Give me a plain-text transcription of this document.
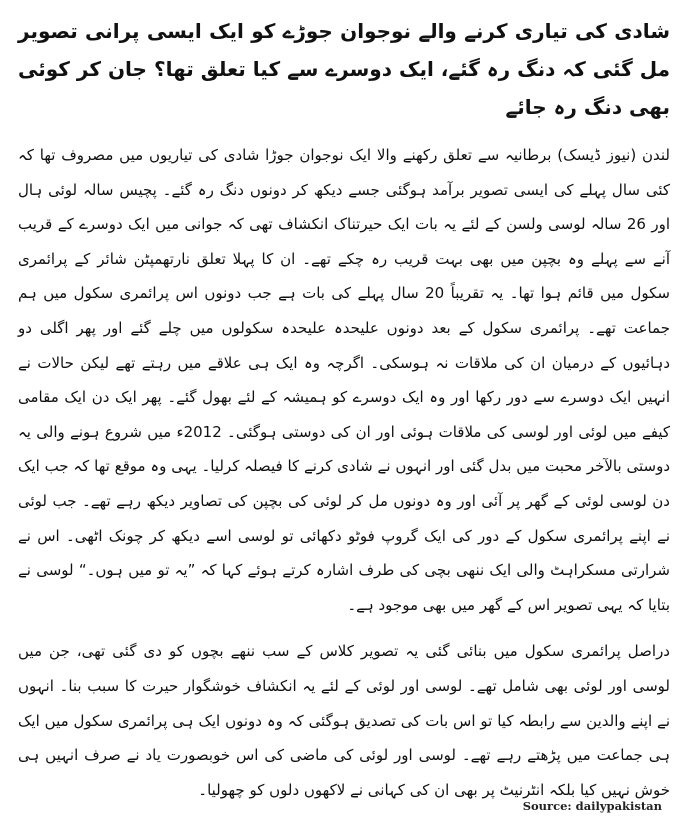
شادی کی تیاری کرنے والے نوجوان جوڑے کو ایک ایسی پرانی تصویر مل گئی کہ دنگ رہ گئے، ایک دوسرے سے کیا تعلق تھا؟ جان کر کوئی بھی دنگ رہ جائے

لندن (نیوز ڈیسک) برطانیہ سے تعلق رکھنے والا ایک نوجوان جوڑا شادی کی تیاریوں میں مصروف تھا کہ کئی سال پہلے کی ایسی تصویر برآمد ہوگئی جسے دیکھ کر دونوں دنگ رہ گئے۔ پچیس سالہ لوئی ہال اور 26 سالہ لوسی ولسن کے لئے یہ بات ایک حیرتناک انکشاف تھی کہ جوانی میں ایک دوسرے کے قریب آنے سے پہلے وہ بچپن میں بھی بہت قریب رہ چکے تھے۔ ان کا پہلا تعلق نارتھمپٹن شائر کے پرائمری سکول میں قائم ہوا تھا۔ یہ تقریباً 20 سال پہلے کی بات ہے جب دونوں اس پرائمری سکول میں ہم جماعت تھے۔ پرائمری سکول کے بعد دونوں علیحدہ علیحدہ سکولوں میں چلے گئے اور پھر اگلی دو دہائیوں کے درمیان ان کی ملاقات نہ ہوسکی۔ اگرچہ وہ ایک ہی علاقے میں رہتے تھے لیکن حالات نے انہیں ایک دوسرے سے دور رکھا اور وہ ایک دوسرے کو ہمیشہ کے لئے بھول گئے۔ پھر ایک دن ایک مقامی کیفے میں لوئی اور لوسی کی ملاقات ہوئی اور ان کی دوستی ہوگئی۔ 2012ء میں شروع ہونے والی یہ دوستی بالآخر محبت میں بدل گئی اور انہوں نے شادی کرنے کا فیصلہ کرلیا۔ یہی وہ موقع تھا کہ جب ایک دن لوسی لوئی کے گھر پر آئی اور وہ دونوں مل کر لوئی کی بچپن کی تصاویر دیکھ رہے تھے۔ جب لوئی نے اپنے پرائمری سکول کے دور کی ایک گروپ فوٹو دکھائی تو لوسی اسے دیکھ کر چونک اٹھی۔ اس نے شرارتی مسکراہٹ والی ایک ننھی بچی کی طرف اشارہ کرتے ہوئے کہا کہ ”یہ تو میں ہوں۔“ لوسی نے بتایا کہ یہی تصویر اس کے گھر میں بھی موجود ہے۔

دراصل پرائمری سکول میں بنائی گئی یہ تصویر کلاس کے سب ننھے بچوں کو دی گئی تھی، جن میں لوسی اور لوئی بھی شامل تھے۔ لوسی اور لوئی کے لئے یہ انکشاف خوشگوار حیرت کا سبب بنا۔ انہوں نے اپنے والدین سے رابطہ کیا تو اس بات کی تصدیق ہوگئی کہ وہ دونوں ایک ہی پرائمری سکول میں ایک ہی جماعت میں پڑھتے رہے تھے۔ لوسی اور لوئی کی ماضی کی اس خوبصورت یاد نے صرف انہیں ہی خوش نہیں کیا بلکہ انٹرنیٹ پر بھی ان کی کہانی نے لاکھوں دلوں کو چھولیا۔

Source: dailypakistan
